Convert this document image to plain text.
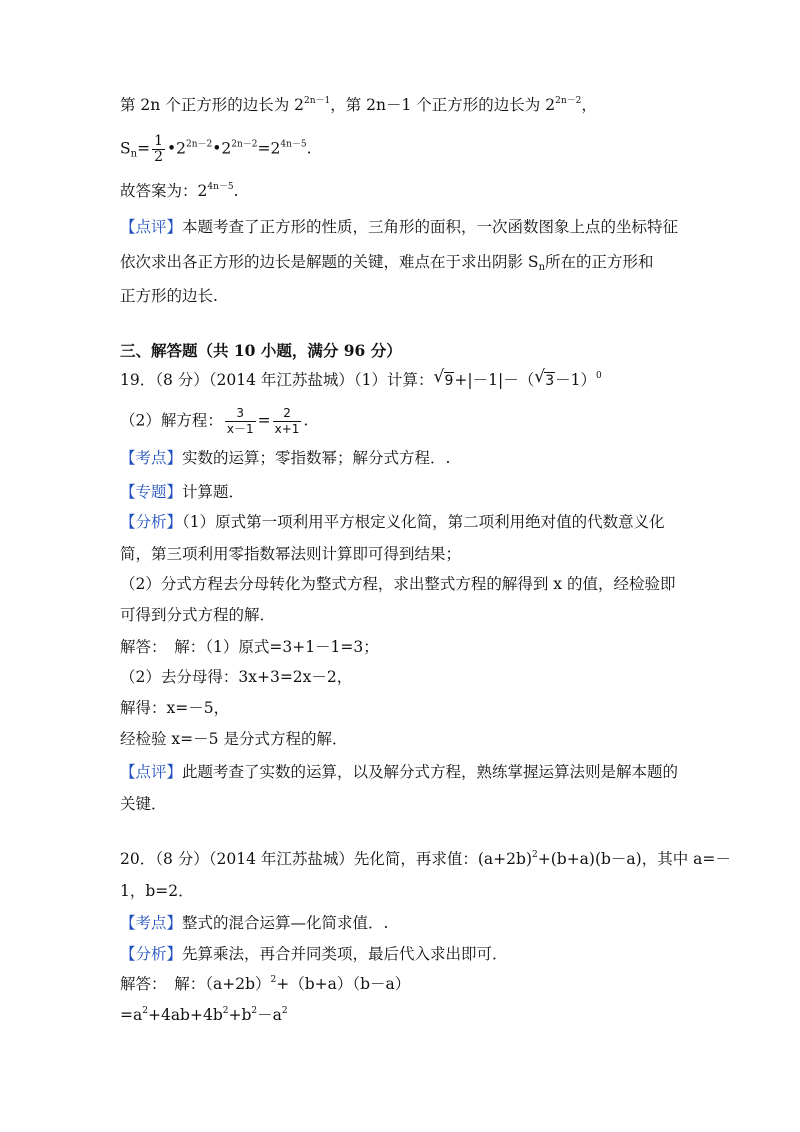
第 2n 个正方形的边长为 $2^{2n-1}$，第 2n－1 个正方形的边长为 $2^{2n-2}$，
$S_n= \frac{1}{2}$ $•2^{2n-2}•2^{2n-2}=2^{4n-5}$.
故答案为：$2^{4n-5}$.
【点评】本题考查了正方形的性质，三角形的面积，一次函数图象上点的坐标特征
依次求出各正方形的边长是解题的关键，难点在于求出阴影 $S_n$所在的正方形和
正方形的边长.
三、解答题（共 10 小题，满分 96 分）
19．（8 分）（2014 年江苏盐城）（1）计算： √ 9+|－1|－（ √ 3－1）$^0$
（2）解方程： $\frac{3}{x-1} = \frac{2}{x+1}$ .
【考点】实数的运算；零指数幂；解分式方程．.
【专题】计算题．
【分析】（1）原式第一项利用平方根定义化简，第二项利用绝对值的代数意义化
简，第三项利用零指数幂法则计算即可得到结果；
（2）分式方程去分母转化为整式方程，求出整式方程的解得到 x 的值，经检验即
可得到分式方程的解．
解答：　解：（1）原式=3+1－1=3；
（2）去分母得：3x+3=2x－2，
解得：x=－5，
经检验 x=－5 是分式方程的解．
【点评】此题考查了实数的运算，以及解分式方程，熟练掌握运算法则是解本题的
关键．
20．（8 分）（2014 年江苏盐城）先化简，再求值：$(a+2b)^2+(b+a)(b-a)$，其中 a=－
1，b=2．
【考点】整式的混合运算—化简求值．.
【分析】先算乘法，再合并同类项，最后代入求出即可．
解答：　解：$(a+2b)^2+(b+a)(b-a)$
$=a^2+4ab+4b^2+b^2-a^2$
